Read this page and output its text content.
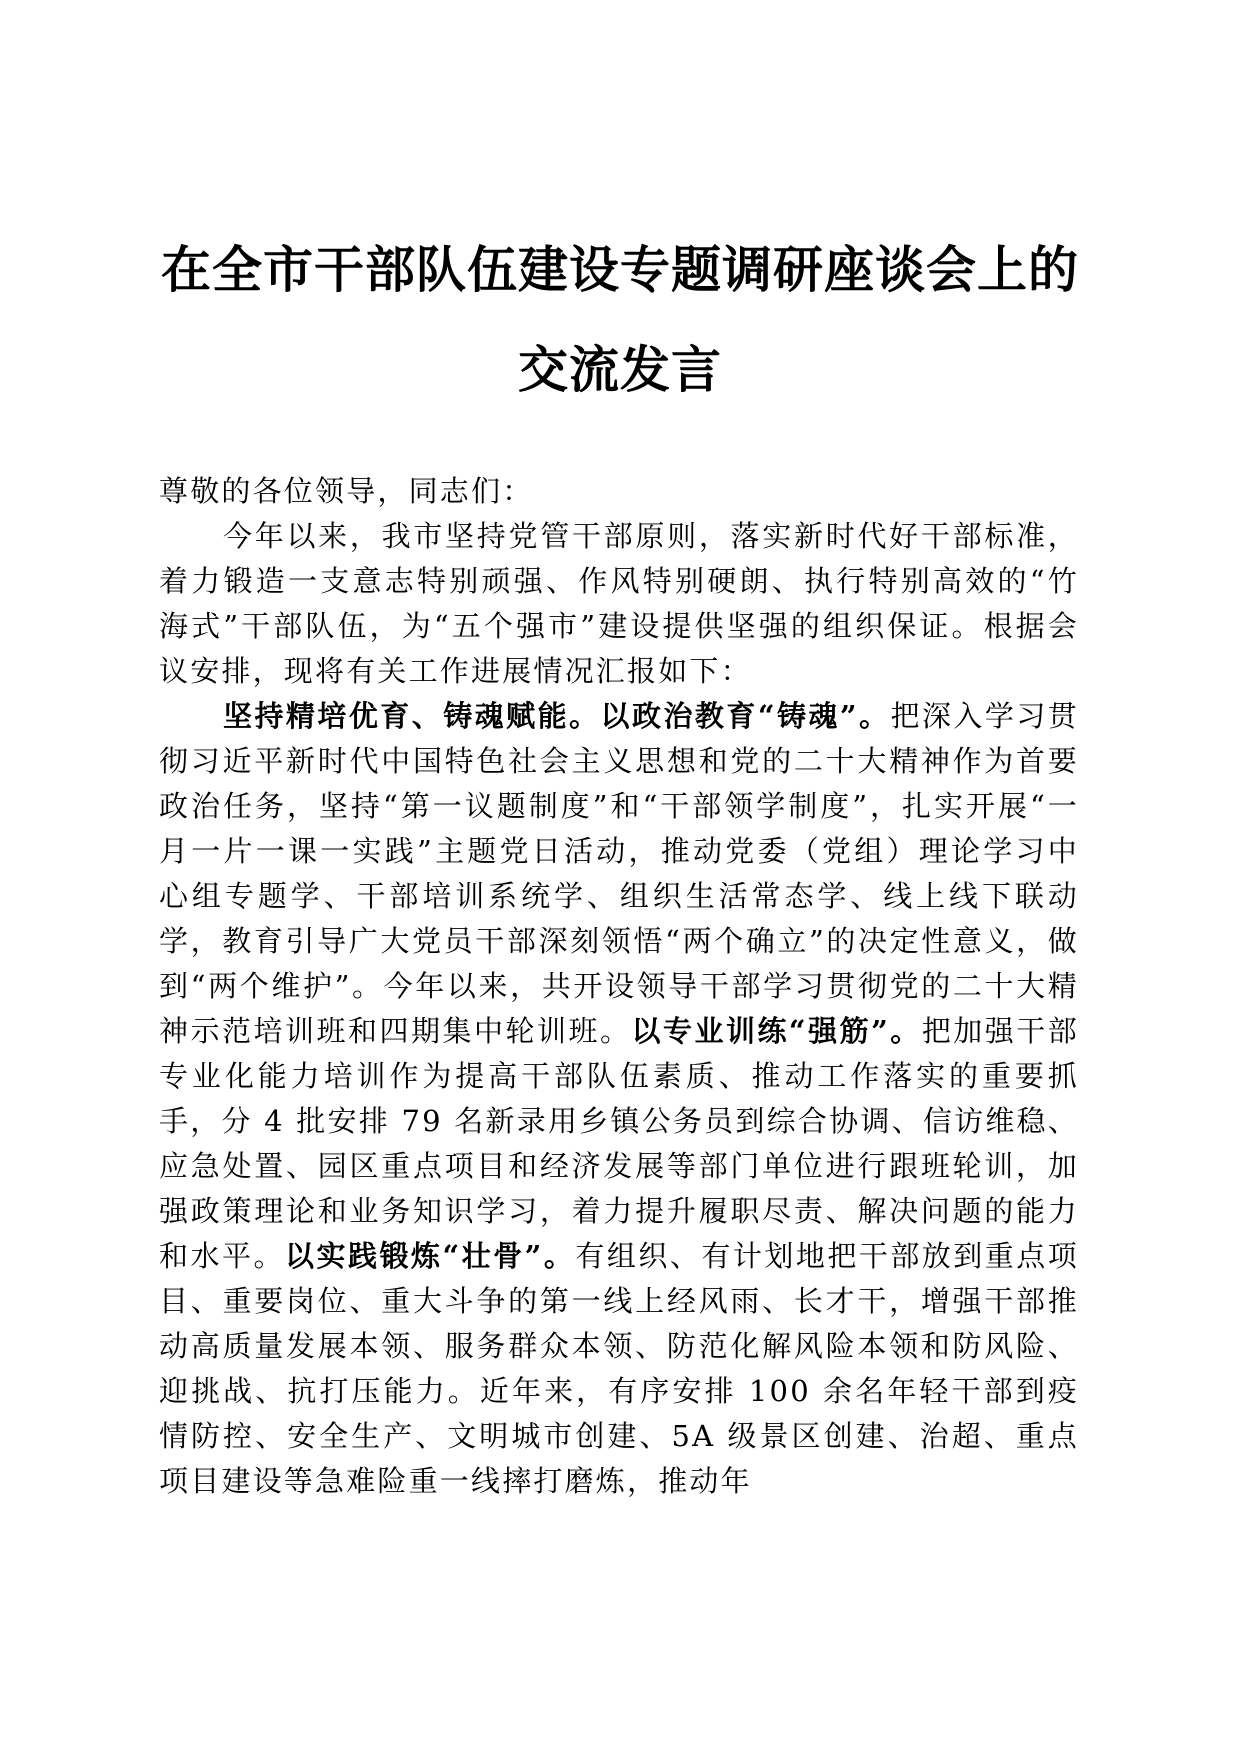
在全市干部队伍建设专题调研座谈会上的交流发言

尊敬的各位领导，同志们：

今年以来，我市坚持党管干部原则，落实新时代好干部标准，着力锻造一支意志特别顽强、作风特别硬朗、执行特别高效的“竹海式”干部队伍，为“五个强市”建设提供坚强的组织保证。根据会议安排，现将有关工作进展情况汇报如下：

坚持精培优育、铸魂赋能。以政治教育“铸魂”。把深入学习贯彻习近平新时代中国特色社会主义思想和党的二十大精神作为首要政治任务，坚持“第一议题制度”和“干部领学制度”，扎实开展“一月一片一课一实践”主题党日活动，推动党委（党组）理论学习中心组专题学、干部培训系统学、组织生活常态学、线上线下联动学，教育引导广大党员干部深刻领悟“两个确立”的决定性意义，做到“两个维护”。今年以来，共开设领导干部学习贯彻党的二十大精神示范培训班和四期集中轮训班。以专业训练“强筋”。把加强干部专业化能力培训作为提高干部队伍素质、推动工作落实的重要抓手，分 4 批安排 79 名新录用乡镇公务员到综合协调、信访维稳、应急处置、园区重点项目和经济发展等部门单位进行跟班轮训，加强政策理论和业务知识学习，着力提升履职尽责、解决问题的能力和水平。以实践锻炼“壮骨”。有组织、有计划地把干部放到重点项目、重要岗位、重大斗争的第一线上经风雨、长才干，增强干部推动高质量发展本领、服务群众本领、防范化解风险本领和防风险、迎挑战、抗打压能力。近年来，有序安排 100 余名年轻干部到疫情防控、安全生产、文明城市创建、5A 级景区创建、治超、重点项目建设等急难险重一线摔打磨炼，推动年
